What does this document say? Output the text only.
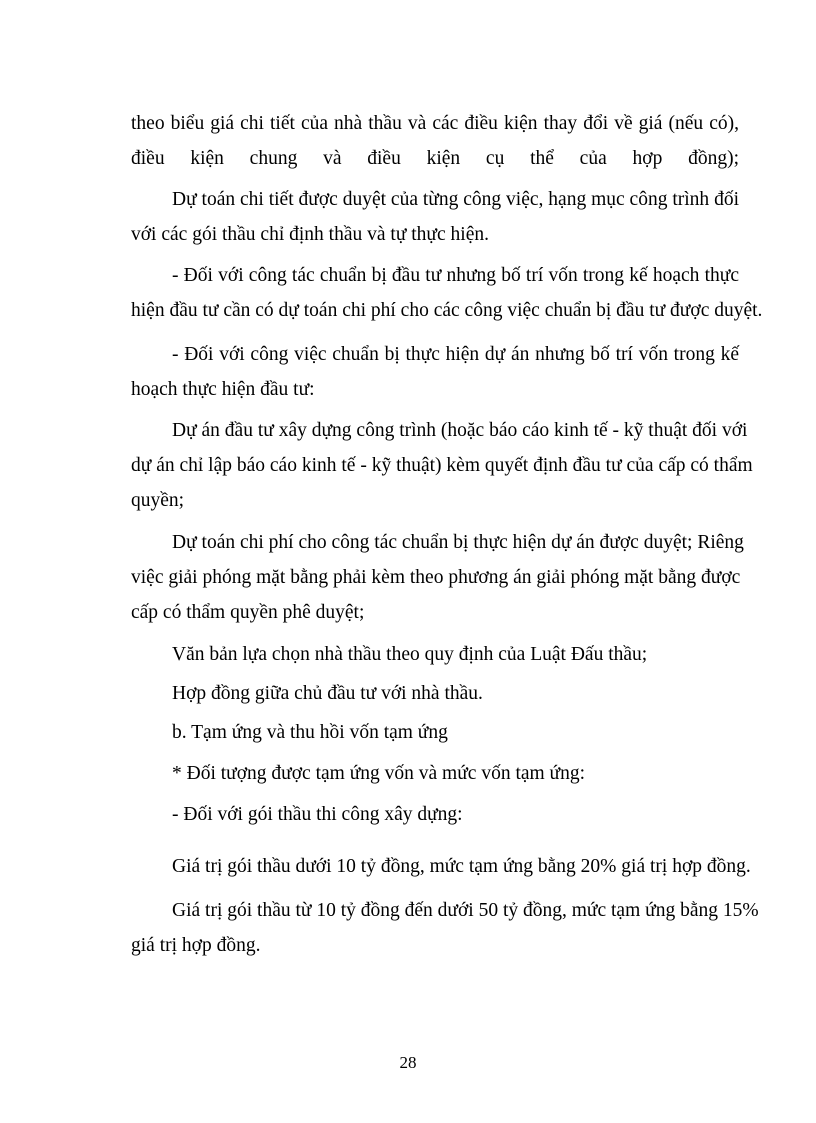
theo biểu giá chi tiết của nhà thầu và các điều kiện thay đổi về giá (nếu có),
điều kiện chung và điều kiện cụ thể của hợp đồng);
Dự toán chi tiết được duyệt của từng công việc, hạng mục công trình đối
với các gói thầu chỉ định thầu và tự thực hiện.
- Đối với công tác chuẩn bị đầu tư nhưng bố trí vốn trong kế hoạch thực
hiện đầu tư cần có dự toán chi phí cho các công việc chuẩn bị đầu tư được duyệt.
- Đối với công việc chuẩn bị thực hiện dự án nhưng bố trí vốn trong kế
hoạch thực hiện đầu tư:
Dự án đầu tư xây dựng công trình (hoặc báo cáo kinh tế - kỹ thuật đối với
dự án chỉ lập báo cáo kinh tế - kỹ thuật) kèm quyết định đầu tư của cấp có thẩm
quyền;
Dự toán chi phí cho công tác chuẩn bị thực hiện dự án được duyệt; Riêng
việc giải phóng mặt bằng phải kèm theo phương án giải phóng mặt bằng được
cấp có thẩm quyền phê duyệt;
Văn bản lựa chọn nhà thầu theo quy định của Luật Đấu thầu;
Hợp đồng giữa chủ đầu tư với nhà thầu.
b. Tạm ứng và thu hồi vốn tạm ứng
* Đối tượng được tạm ứng vốn và mức vốn tạm ứng:
- Đối với gói thầu thi công xây dựng:
Giá trị gói thầu dưới 10 tỷ đồng, mức tạm ứng bằng 20% giá trị hợp đồng.
Giá trị gói thầu từ 10 tỷ đồng đến dưới 50 tỷ đồng, mức tạm ứng bằng 15%
giá trị hợp đồng.
28
